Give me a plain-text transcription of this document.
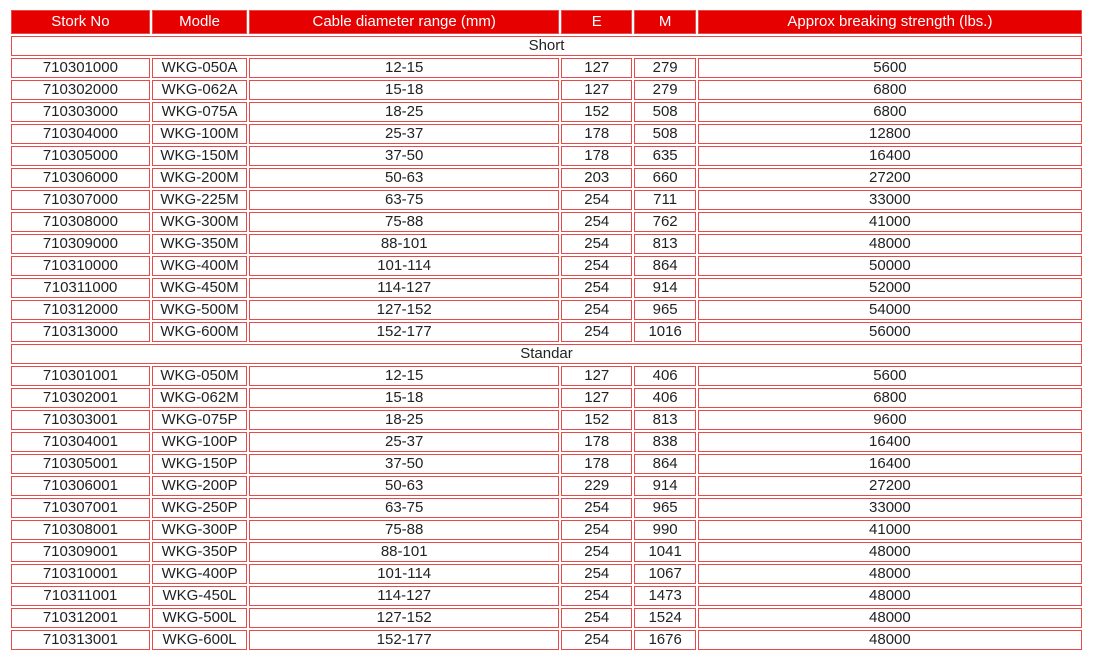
Stork No	Modle	Cable diameter range (mm)	E	M	Approx breaking strength (lbs.)
Short					
710301000	WKG-050A	12-15	127	279	5600
710302000	WKG-062A	15-18	127	279	6800
710303000	WKG-075A	18-25	152	508	6800
710304000	WKG-100M	25-37	178	508	12800
710305000	WKG-150M	37-50	178	635	16400
710306000	WKG-200M	50-63	203	660	27200
710307000	WKG-225M	63-75	254	711	33000
710308000	WKG-300M	75-88	254	762	41000
710309000	WKG-350M	88-101	254	813	48000
710310000	WKG-400M	101-114	254	864	50000
710311000	WKG-450M	114-127	254	914	52000
710312000	WKG-500M	127-152	254	965	54000
710313000	WKG-600M	152-177	254	1016	56000
Standar					
710301001	WKG-050M	12-15	127	406	5600
710302001	WKG-062M	15-18	127	406	6800
710303001	WKG-075P	18-25	152	813	9600
710304001	WKG-100P	25-37	178	838	16400
710305001	WKG-150P	37-50	178	864	16400
710306001	WKG-200P	50-63	229	914	27200
710307001	WKG-250P	63-75	254	965	33000
710308001	WKG-300P	75-88	254	990	41000
710309001	WKG-350P	88-101	254	1041	48000
710310001	WKG-400P	101-114	254	1067	48000
710311001	WKG-450L	114-127	254	1473	48000
710312001	WKG-500L	127-152	254	1524	48000
710313001	WKG-600L	152-177	254	1676	48000
